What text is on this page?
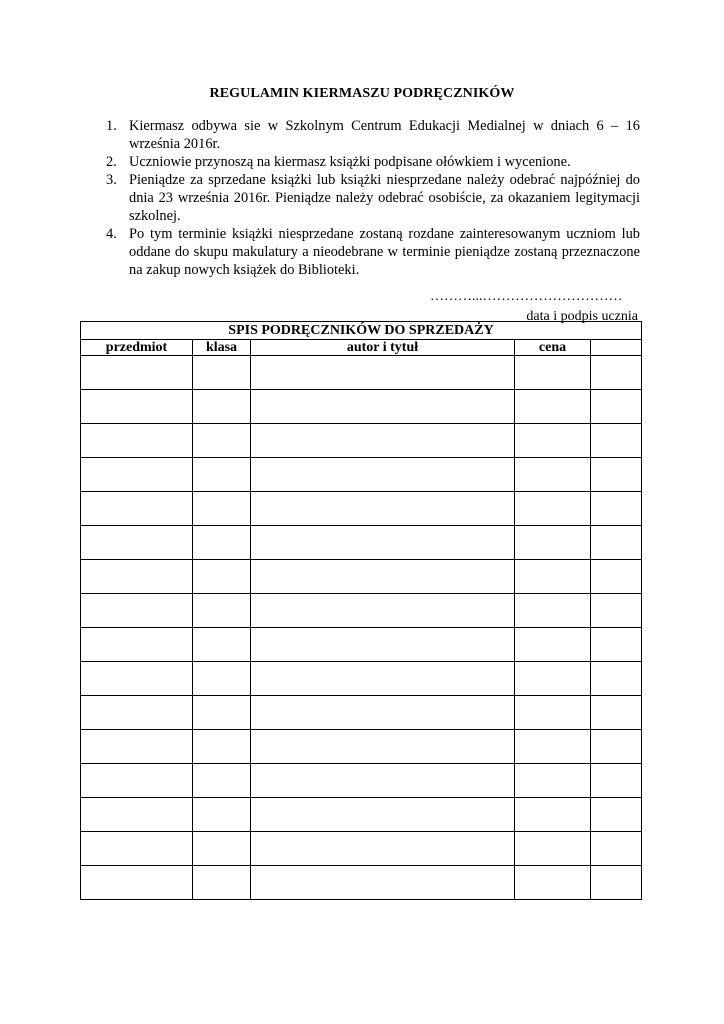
REGULAMIN KIERMASZU PODRĘCZNIKÓW
1. Kiermasz odbywa sie w Szkolnym Centrum Edukacji Medialnej w dniach 6 – 16 września 2016r.
2. Uczniowie przynoszą na kiermasz książki podpisane ołówkiem i wycenione.
3. Pieniądze za sprzedane książki lub książki niesprzedane należy odebrać najpóźniej do dnia 23 września 2016r. Pieniądze należy odebrać osobiście, za okazaniem legitymacji szkolnej.
4. Po tym terminie książki niesprzedane zostaną rozdane zainteresowanym uczniom lub oddane do skupu makulatury a nieodebrane w terminie pieniądze zostaną przeznaczone na zakup nowych książek do Biblioteki.
………...…………………………
data i podpis ucznia
SPIS PODRĘCZNIKÓW DO SPRZEDAŻY				
przedmiot	klasa	autor i tytuł	cena	
